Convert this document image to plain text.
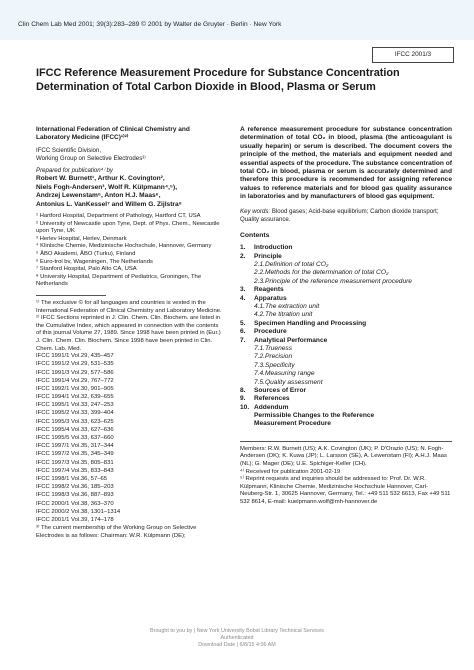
Clin Chem Lab Med 2001; 39(3):283–289 © 2001 by Walter de Gruyter · Berlin · New York
IFCC 2001/3
IFCC Reference Measurement Procedure for Substance Concentration Determination of Total Carbon Dioxide in Blood, Plasma or Serum
International Federation of Clinical Chemistry and Laboratory Medicine (IFCC)¹⁾²⁾
IFCC Scientific Division,
Working Group on Selective Electrodes³⁾
Prepared for publication⁴⁾ by
Robert W. Burnett¹, Arthur K. Covington²,
Niels Fogh-Andersen³, Wolf R. Külpmann⁴,⁵),
Andrzej Lewenstam⁶, Anton H.J. Maas⁶,
Antonius L. VanKessel⁷ and Willem G. Zijlstra⁸
¹ Hartford Hospital, Department of Pathology, Hartford CT, USA
² University of Newcastle upon Tyne, Dept. of Phys. Chem., Newcastle upon Tyne, UK
³ Herlev Hospital, Herlev, Denmark
⁴ Klinische Chemie, Medizinische Hochschule, Hannover, Germany
⁵ ÅBO Akademi, ÅBO (Turku), Finland
⁶ Euro-trol bv, Wageningen, The Netherlands
⁷ Stanford Hospital, Palo Alto CA, USA
⁸ University Hospital, Department of Pediatrics, Groningen, The Netherlands
¹⁾ The exclusive © for all languages and countries is vested in the International Federation of Clinical Chemistry and Laboratory Medicine.
²⁾ IFCC Sections reprinted in J. Clin. Chem. Clin. Biochem. are listed in the Cumulative Index, which appeared in connection with the contents of this journal Volume 27, 1989. Since 1998 have been printed in (Eur.) J. Clin. Chem. Clin. Biochem. Since 1998 have been printed in Clin. Chem. Lab. Med.
IFCC 1991/1 Vol.29, 435–457
IFCC 1991/2 Vol.29, 531–535
IFCC 1991/3 Vol.29, 577–586
IFCC 1991/4 Vol.29, 767–772
IFCC 1992/1 Vol.30, 901–905
IFCC 1994/1 Vol.32, 639–655
IFCC 1995/1 Vol.33, 247–253
IFCC 1995/2 Vol.33, 399–404
IFCC 1995/3 Vol.33, 623–625
IFCC 1995/4 Vol.33, 627–636
IFCC 1995/5 Vol.33, 637–660
IFCC 1997/1 Vol.35, 317–344
IFCC 1997/2 Vol.35, 345–349
IFCC 1997/3 Vol.35, 805–831
IFCC 1997/4 Vol.35, 833–843
IFCC 1998/1 Vol.36, 57–65
IFCC 1998/2 Vol.36, 185–203
IFCC 1998/3 Vol.36, 887–893
IFCC 2000/1 Vol.38, 363–370
IFCC 2000/2 Vol.38, 1301–1314
IFCC 2001/1 Vol.39, 174–178
³⁾ The current membership of the Working Group on Selective Electrodes is as follows: Chairman: W.R. Külpmann (DE);
A reference measurement procedure for substance concentration determination of total CO₂ in blood, plasma (the anticoagulant is usually heparin) or serum is described. The document covers the principle of the method, the materials and equipment needed and essential aspects of the procedure. The substance concentration of total CO₂ in blood, plasma or serum is accurately determined and therefore this procedure is recommended for assigning reference values to reference materials and for blood gas quality assurance in laboratories and by manufacturers of blood gas equipment.
Key words: Blood gases; Acid-base equilibrium; Carbon dioxide transport; Quality assurance.
Contents
1. Introduction
2. Principle
2.1.Definition of total CO₂
2.2.Methods for the determination of total CO₂
2.3.Principle of the reference measurement procedure
3. Reagents
4. Apparatus
4.1.The extraction unit
4.2.The titration unit
5. Specimen Handling and Processing
6. Procedure
7. Analytical Performance
7.1.Trueness
7.2.Precision
7.3.Specificity
7.4.Measuring range
7.5.Quality assessment
8. Sources of Error
9. References
10. Addendum
Permissible Changes to the Reference
Measurement Procedure
Members: R.W. Burnett (US); A.K. Covington (UK); P. D'Orazio (US); N. Fogh-Andersen (DK); K. Kuwa (JP); L. Larsson (SE), A. Lewenstam (FI); A.H.J. Maas (NL); G. Mager (DE); U.E. Spichiger-Keller (CH).
⁴⁾ Received for publication 2001-02-19
⁵⁾ Reprint requests and inquiries should be addressed to: Prof. Dr. W.R. Külpmann, Klinische Chemie, Medizinische Hochschule Hannover, Carl-Neuberg-Str. 1, 30625 Hannover, Germany, Tel.: +49 511 532 6613, Fax +49 511 532 8614, E-mail: kuelpmann.wolf@mh-hannover.de
Brought to you by | New York University Bobst Library Technical Services
Authenticated
Download Date | 6/8/15 4:06 AM
